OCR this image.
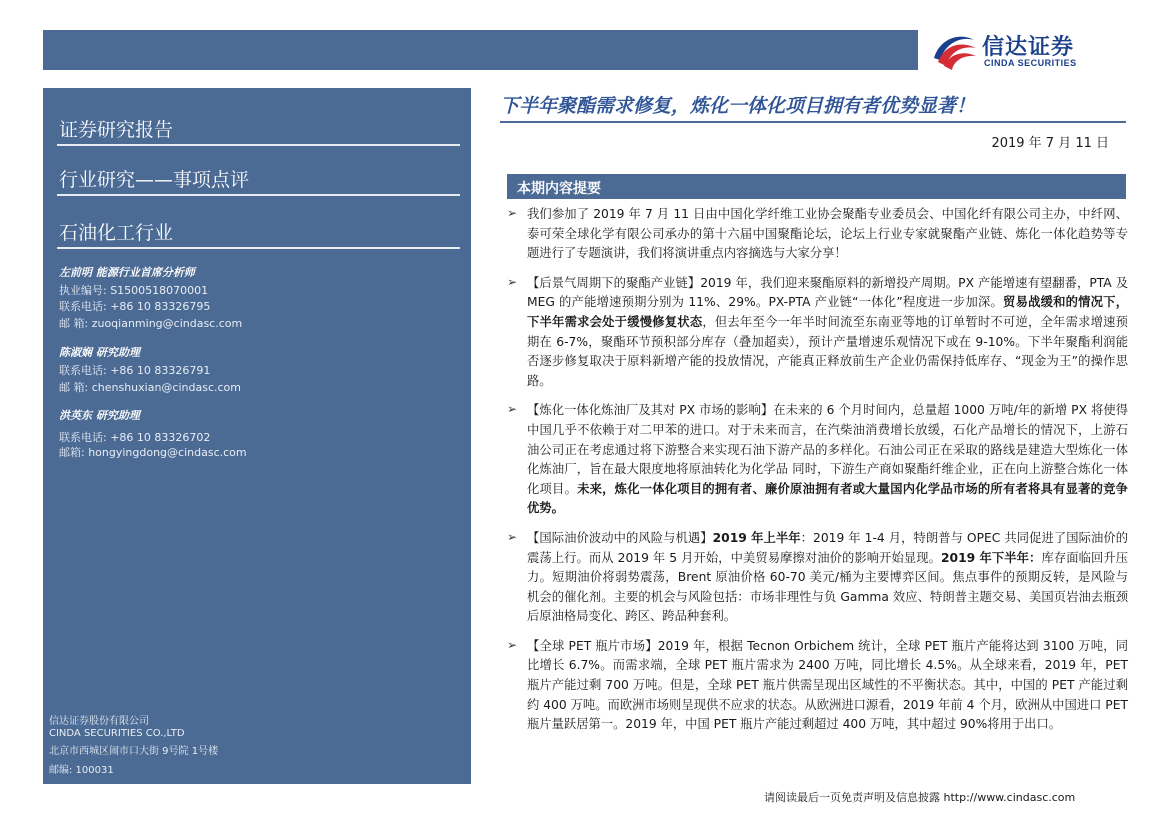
信达证券
CINDA SECURITIES
证券研究报告
行业研究——事项点评
石油化工行业
左前明 能源行业首席分析师
执业编号: S1500518070001
联系电话: +86 10 83326795
邮 箱: zuoqianming@cindasc.com
陈淑娴 研究助理
联系电话: +86 10 83326791
邮 箱: chenshuxian@cindasc.com
洪英东 研究助理
联系电话: +86 10 83326702
邮箱: hongyingdong@cindasc.com
信达证券股份有限公司
CINDA SECURITIES CO.,LTD
北京市西城区闹市口大街 9号院 1号楼
邮编: 100031
下半年聚酯需求修复，炼化一体化项目拥有者优势显著！
2019 年 7 月 11 日
本期内容提要
➢ 我们参加了 2019 年 7 月 11 日由中国化学纤维工业协会聚酯专业委员会、中国化纤有限公司主办，中纤网、泰可荣全球化学有限公司承办的第十六届中国聚酯论坛，论坛上行业专家就聚酯产业链、炼化一体化趋势等专题进行了专题演讲，我们将演讲重点内容摘选与大家分享！

➢ 【后景气周期下的聚酯产业链】2019 年，我们迎来聚酯原料的新增投产周期。PX 产能增速有望翻番，PTA 及 MEG 的产能增速预期分别为 11%、29%。PX-PTA 产业链“一体化”程度进一步加深。贸易战缓和的情况下，下半年需求会处于缓慢修复状态，但去年至今一年半时间流至东南亚等地的订单暂时不可逆，全年需求增速预期在 6-7%，聚酯环节预积部分库存（叠加超卖），预计产量增速乐观情况下或在 9-10%。下半年聚酯利润能否逐步修复取决于原料新增产能的投放情况，产能真正释放前生产企业仍需保持低库存、“现金为王”的操作思路。

➢ 【炼化一体化炼油厂及其对 PX 市场的影响】在未来的 6 个月时间内，总量超 1000 万吨/年的新增 PX 将使得中国几乎不依赖于对二甲苯的进口。对于未来而言，在汽柴油消费增长放缓，石化产品增长的情况下，上游石油公司正在考虑通过将下游整合来实现石油下游产品的多样化。石油公司正在采取的路线是建造大型炼化一体化炼油厂，旨在最大限度地将原油转化为化学品 同时，下游生产商如聚酯纤维企业，正在向上游整合炼化一体化项目。未来，炼化一体化项目的拥有者、廉价原油拥有者或大量国内化学品市场的所有者将具有显著的竞争优势。

➢ 【国际油价波动中的风险与机遇】2019 年上半年：2019 年 1-4 月，特朗普与 OPEC 共同促进了国际油价的震荡上行。而从 2019 年 5 月开始，中美贸易摩擦对油价的影响开始显现。2019 年下半年：库存面临回升压力。短期油价将弱势震荡，Brent 原油价格 60-70 美元/桶为主要博弈区间。焦点事件的预期反转，是风险与机会的催化剂。主要的机会与风险包括：市场非理性与负 Gamma 效应、特朗普主题交易、美国页岩油去瓶颈后原油格局变化、跨区、跨品种套利。

➢ 【全球 PET 瓶片市场】2019 年，根据 Tecnon Orbichem 统计，全球 PET 瓶片产能将达到 3100 万吨，同比增长 6.7%。而需求端，全球 PET 瓶片需求为 2400 万吨，同比增长 4.5%。从全球来看，2019 年，PET 瓶片产能过剩 700 万吨。但是，全球 PET 瓶片供需呈现出区域性的不平衡状态。其中，中国的 PET 产能过剩约 400 万吨。而欧洲市场则呈现供不应求的状态。从欧洲进口源看，2019 年前 4 个月，欧洲从中国进口 PET 瓶片量跃居第一。2019 年，中国 PET 瓶片产能过剩超过 400 万吨，其中超过 90%将用于出口。

请阅读最后一页免责声明及信息披露 http://www.cindasc.com
